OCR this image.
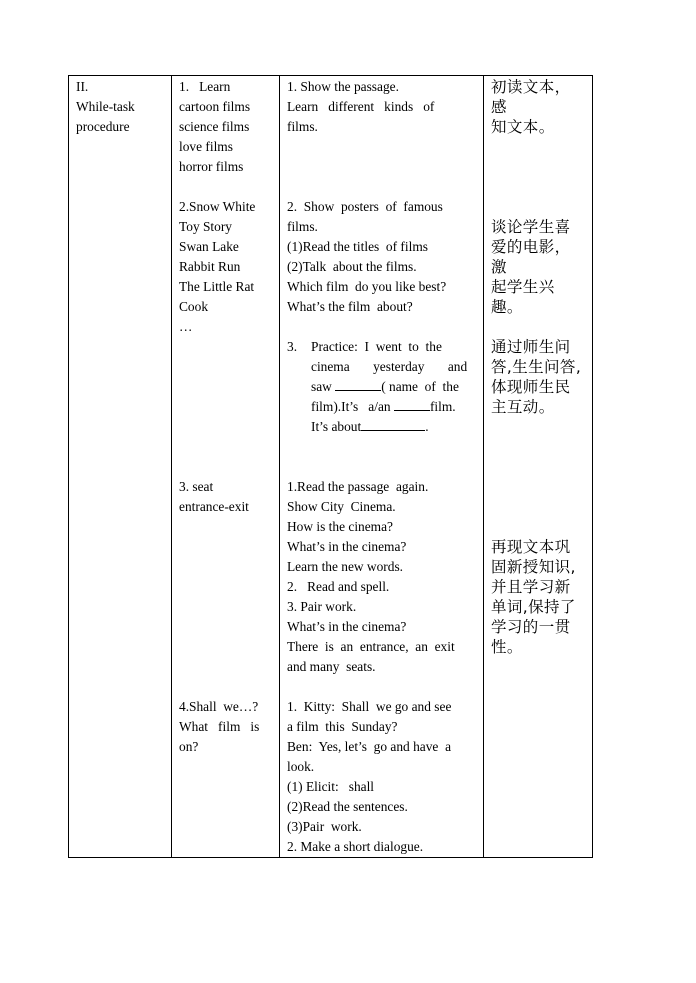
II.
While-task
procedure

1.   Learn
cartoon films
science films
love films
horror films
2.Snow White
Toy Story
Swan Lake
Rabbit Run
The Little Rat
Cook
…
3. seat
entrance-exit
4.Shall  we…?
What   film   is
on?

1. Show the passage.
Learn   different   kinds   of
films.
2.  Show  posters  of  famous
films.
(1)Read the titles  of films
(2)Talk  about the films.
Which film  do you like best?
What’s the film  about?
3.	Practice:  I  went  to  the
cinema       yesterday       and
saw	( name  of  the
film).It’s   a/an	film.
It’s about	.
1.Read the passage  again.
Show City  Cinema.
How is the cinema?
What’s in the cinema?
Learn the new words.
2.   Read and spell.
3. Pair work.
What’s in the cinema?
There  is  an  entrance,  an  exit
and many  seats.
1.  Kitty:  Shall  we go and see
a film  this  Sunday?
Ben:  Yes, let’s  go and have  a
look.
(1) Elicit:   shall
(2)Read the sentences.
(3)Pair  work.
2. Make a short dialogue.

初读文本，感
知文本。
谈论学生喜
爱的电影，激
起学生兴趣。
通过师生问
答,生生问答,
体现师生民
主互动。
再现文本巩
固新授知识,
并且学习新
单词,保持了
学习的一贯
性。
